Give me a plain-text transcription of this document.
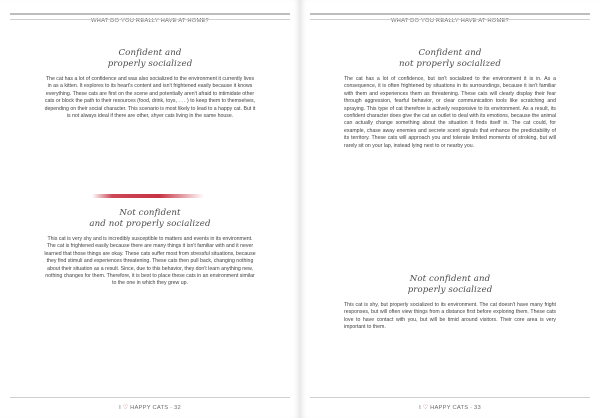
$^{WHAT DO YOU REALLY HAVE AT HOME?}$
Confident and
properly socialized

The cat has a lot of confidence and was also socialized to the environment it currently lives in as a kitten. It explores to its heart's content and isn't frightened easily because it knows everything. These cats are first on the scene and potentially aren't afraid to intimidate other cats or block the path to their resources (food, drink, toys, . . . ) to keep them to themselves, depending on their social character. This scenario is most likely to lead to a happy cat. But it is not always ideal if there are other, shyer cats living in the same house.

Not confident
and not properly socialized

This cat is very shy and is incredibly susceptible to matters and events in its environment. The cat is frightened easily because there are many things it isn't familiar with and it never learned that those things are okay. These cats suffer most from stressful situations, because they find stimuli and experiences threatening. These cats then pull back, changing nothing about their situation as a result. Since, due to this behavior, they don't learn anything new, nothing changes for them. Therefore, it is best to place these cats in an environment similar to the one in which they grew up.

I ♡ HAPPY CATS · 32
$^{WHAT DO YOU REALLY HAVE AT HOME?}$
Confident and
not properly socialized

The cat has a lot of confidence, but isn't socialized to the environment it is in. As a consequence, it is often frightened by situations in its surroundings, because it isn't familiar with them and experiences them as threatening. These cats will clearly display their fear through aggression, fearful behavior, or clear communication tools like scratching and spraying. This type of cat therefore is actively responsive to its environment. As a result, its confident character does give the cat an outlet to deal with its emotions, because the animal can actually change something about the situation it finds itself in. The cat could, for example, chase away enemies and secrete scent signals that enhance the predictability of its territory. These cats will approach you and tolerate limited moments of stroking, but will rarely sit on your lap, instead lying next to or nearby you.

Not confident and
properly socialized

This cat is shy, but properly socialized to its environment. The cat doesn't have many fright responses, but will often view things from a distance first before exploring them. These cats love to have contact with you, but will be timid around visitors. Their core area is very important to them.

I ♡ HAPPY CATS · 33
